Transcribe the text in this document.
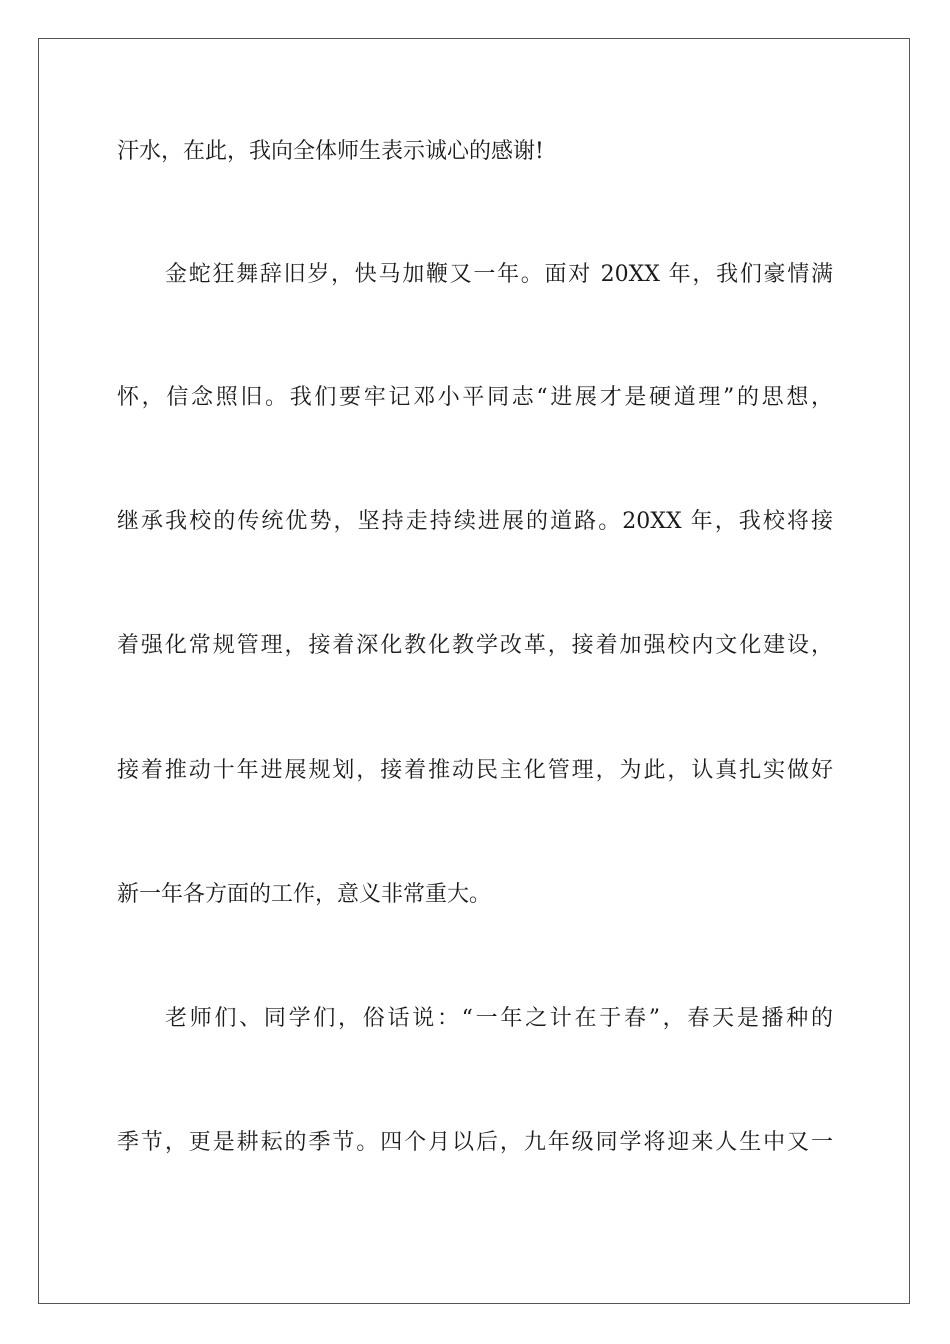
汗水，在此，我向全体师生表示诚心的感谢!
金蛇狂舞辞旧岁，快马加鞭又一年。面对 20XX 年，我们豪情满
怀，信念照旧。我们要牢记邓小平同志“进展才是硬道理”的思想，
继承我校的传统优势，坚持走持续进展的道路。20XX 年，我校将接
着强化常规管理，接着深化教化教学改革，接着加强校内文化建设，
接着推动十年进展规划，接着推动民主化管理，为此，认真扎实做好
新一年各方面的工作，意义非常重大。
老师们、同学们，俗话说：“一年之计在于春”，春天是播种的
季节，更是耕耘的季节。四个月以后，九年级同学将迎来人生中又一
